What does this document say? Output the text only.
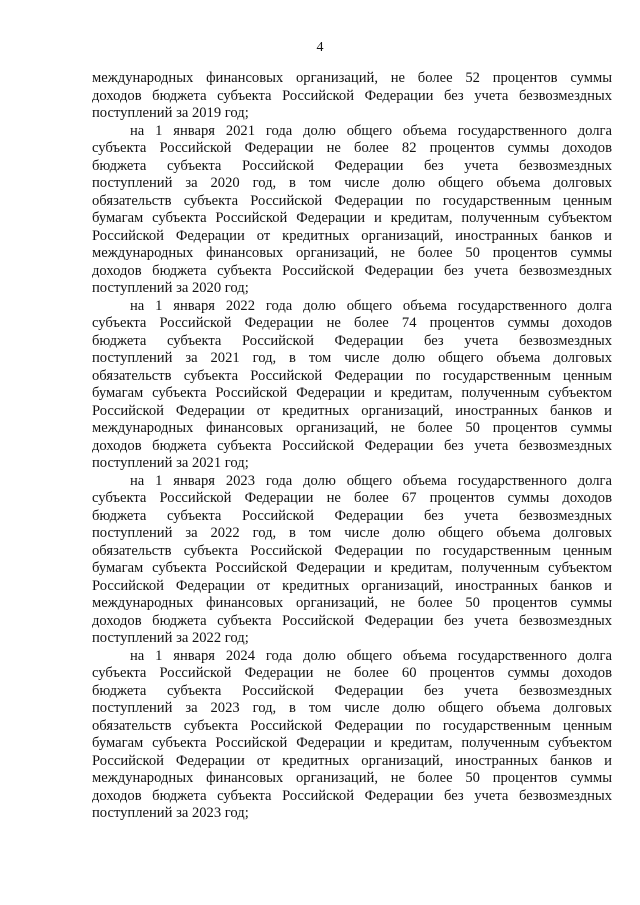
4
международных финансовых организаций, не более 52 процентов суммы
доходов бюджета субъекта Российской Федерации без учета безвозмездных
поступлений за 2019 год;
на 1 января 2021 года долю общего объема государственного долга
субъекта Российской Федерации не более 82 процентов суммы доходов
бюджета субъекта Российской Федерации без учета безвозмездных
поступлений за 2020 год, в том числе долю общего объема долговых
обязательств субъекта Российской Федерации по государственным ценным
бумагам субъекта Российской Федерации и кредитам, полученным субъектом
Российской Федерации от кредитных организаций, иностранных банков и
международных финансовых организаций, не более 50 процентов суммы
доходов бюджета субъекта Российской Федерации без учета безвозмездных
поступлений за 2020 год;
на 1 января 2022 года долю общего объема государственного долга
субъекта Российской Федерации не более 74 процентов суммы доходов
бюджета субъекта Российской Федерации без учета безвозмездных
поступлений за 2021 год, в том числе долю общего объема долговых
обязательств субъекта Российской Федерации по государственным ценным
бумагам субъекта Российской Федерации и кредитам, полученным субъектом
Российской Федерации от кредитных организаций, иностранных банков и
международных финансовых организаций, не более 50 процентов суммы
доходов бюджета субъекта Российской Федерации без учета безвозмездных
поступлений за 2021 год;
на 1 января 2023 года долю общего объема государственного долга
субъекта Российской Федерации не более 67 процентов суммы доходов
бюджета субъекта Российской Федерации без учета безвозмездных
поступлений за 2022 год, в том числе долю общего объема долговых
обязательств субъекта Российской Федерации по государственным ценным
бумагам субъекта Российской Федерации и кредитам, полученным субъектом
Российской Федерации от кредитных организаций, иностранных банков и
международных финансовых организаций, не более 50 процентов суммы
доходов бюджета субъекта Российской Федерации без учета безвозмездных
поступлений за 2022 год;
на 1 января 2024 года долю общего объема государственного долга
субъекта Российской Федерации не более 60 процентов суммы доходов
бюджета субъекта Российской Федерации без учета безвозмездных
поступлений за 2023 год, в том числе долю общего объема долговых
обязательств субъекта Российской Федерации по государственным ценным
бумагам субъекта Российской Федерации и кредитам, полученным субъектом
Российской Федерации от кредитных организаций, иностранных банков и
международных финансовых организаций, не более 50 процентов суммы
доходов бюджета субъекта Российской Федерации без учета безвозмездных
поступлений за 2023 год;
